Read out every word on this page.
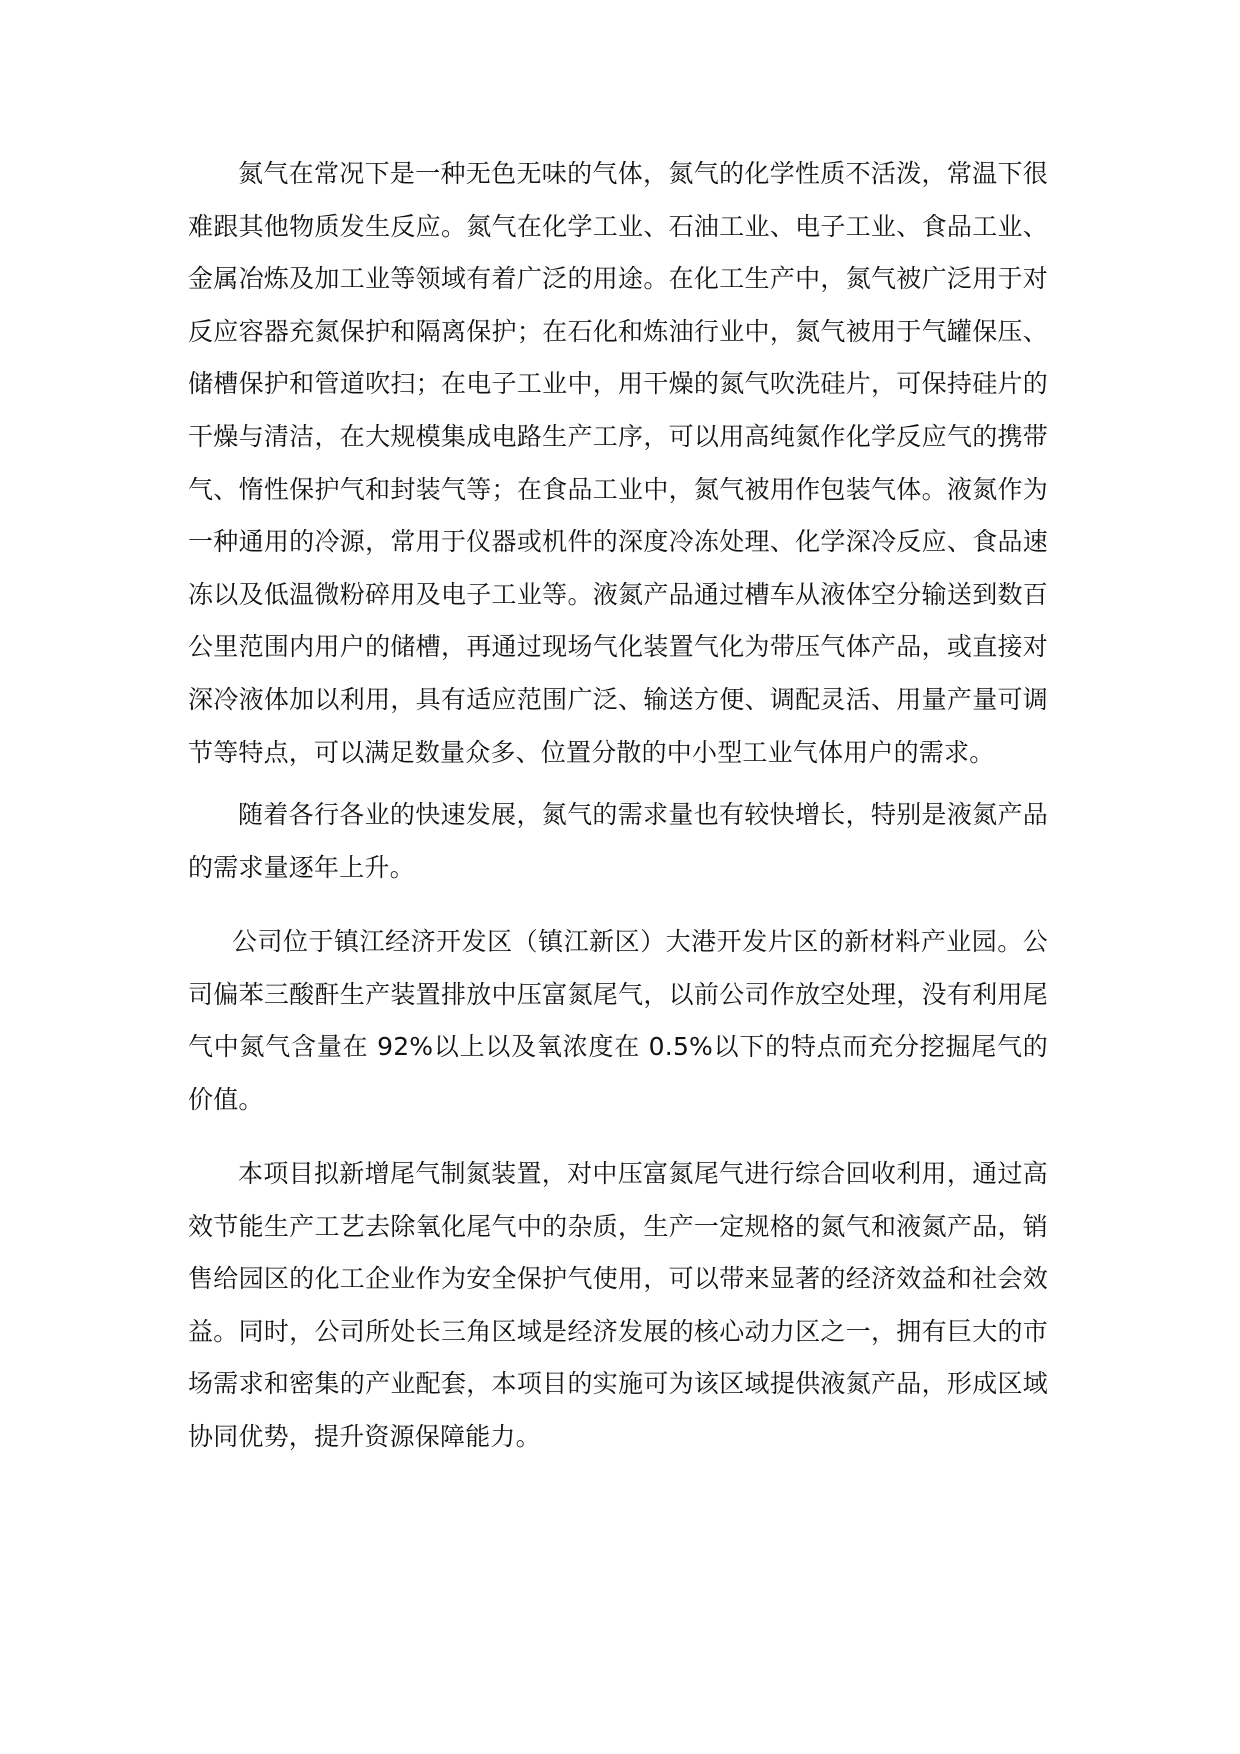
氮气在常况下是一种无色无味的气体，氮气的化学性质不活泼，常温下很难跟其他物质发生反应。氮气在化学工业、石油工业、电子工业、食品工业、金属冶炼及加工业等领域有着广泛的用途。在化工生产中，氮气被广泛用于对反应容器充氮保护和隔离保护；在石化和炼油行业中，氮气被用于气罐保压、储槽保护和管道吹扫；在电子工业中，用干燥的氮气吹洗硅片，可保持硅片的干燥与清洁，在大规模集成电路生产工序，可以用高纯氮作化学反应气的携带气、惰性保护气和封装气等；在食品工业中，氮气被用作包装气体。液氮作为一种通用的冷源，常用于仪器或机件的深度冷冻处理、化学深冷反应、食品速冻以及低温微粉碎用及电子工业等。液氮产品通过槽车从液体空分输送到数百公里范围内用户的储槽，再通过现场气化装置气化为带压气体产品，或直接对深冷液体加以利用，具有适应范围广泛、输送方便、调配灵活、用量产量可调节等特点，可以满足数量众多、位置分散的中小型工业气体用户的需求。

随着各行各业的快速发展，氮气的需求量也有较快增长，特别是液氮产品的需求量逐年上升。

公司位于镇江经济开发区（镇江新区）大港开发片区的新材料产业园。公司偏苯三酸酐生产装置排放中压富氮尾气，以前公司作放空处理，没有利用尾气中氮气含量在 92%以上以及氧浓度在 0.5%以下的特点而充分挖掘尾气的价值。

本项目拟新增尾气制氮装置，对中压富氮尾气进行综合回收利用，通过高效节能生产工艺去除氧化尾气中的杂质，生产一定规格的氮气和液氮产品，销售给园区的化工企业作为安全保护气使用，可以带来显著的经济效益和社会效益。同时，公司所处长三角区域是经济发展的核心动力区之一，拥有巨大的市场需求和密集的产业配套，本项目的实施可为该区域提供液氮产品，形成区域协同优势，提升资源保障能力。
